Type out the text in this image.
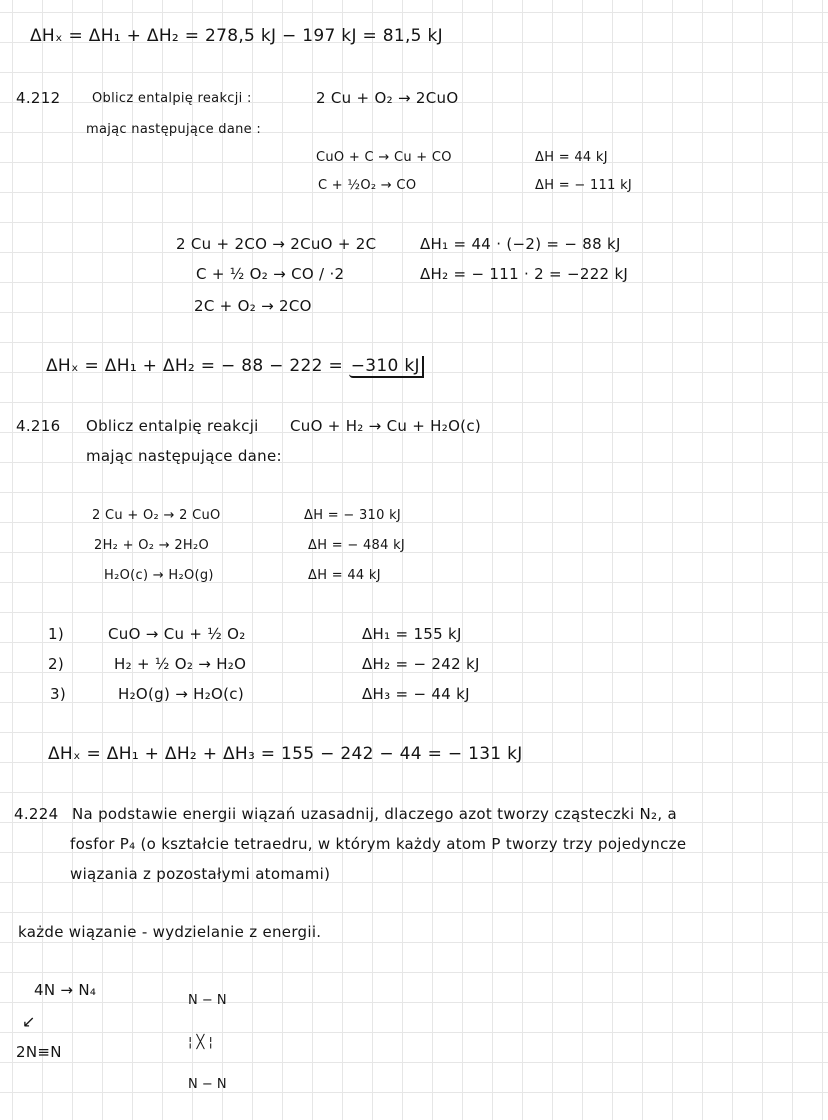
ΔHₓ = ΔH₁ + ΔH₂ = 278,5 kJ − 197 kJ = 81,5 kJ
4.212 Oblicz entalpię reakcji :	2 Cu + O₂ → 2CuO
mając następujące dane :
CuO + C → Cu + CO	ΔH = 44 kJ
C + ½O₂ → CO	ΔH = − 111 kJ
2 Cu + 2CO → 2CuO + 2C	ΔH₁ = 44 · (−2) = − 88 kJ
C + ½ O₂ → CO / ·2	ΔH₂ = − 111 · 2 = −222 kJ
2C + O₂ → 2CO
ΔHₓ = ΔH₁ + ΔH₂ = − 88 − 222 = −310 kJ
4.216 Oblicz entalpię reakcji CuO + H₂ → Cu + H₂O(c)
mając następujące dane:
2 Cu + O₂ → 2 CuO	ΔH = − 310 kJ
2H₂ + O₂ → 2H₂O	ΔH = − 484 kJ
H₂O(c) → H₂O(g)	ΔH = 44 kJ
1)	CuO → Cu + ½ O₂	ΔH₁ = 155 kJ
2)	H₂ + ½ O₂ → H₂O	ΔH₂ = − 242 kJ
3)	H₂O(g) → H₂O(c)	ΔH₃ = − 44 kJ
ΔHₓ = ΔH₁ + ΔH₂ + ΔH₃ = 155 − 242 − 44 = − 131 kJ
4.224 Na podstawie energii wiązań uzasadnij, dlaczego azot tworzy cząsteczki N₂, a
fosfor P₄ (o kształcie tetraedru, w którym każdy atom P tworzy trzy pojedyncze
wiązania z pozostałymi atomami)
każde wiązanie - wydzielanie z energii.
4N → N₄

N − N

¦ ╳ ¦

N − N

↙
2N≡N
